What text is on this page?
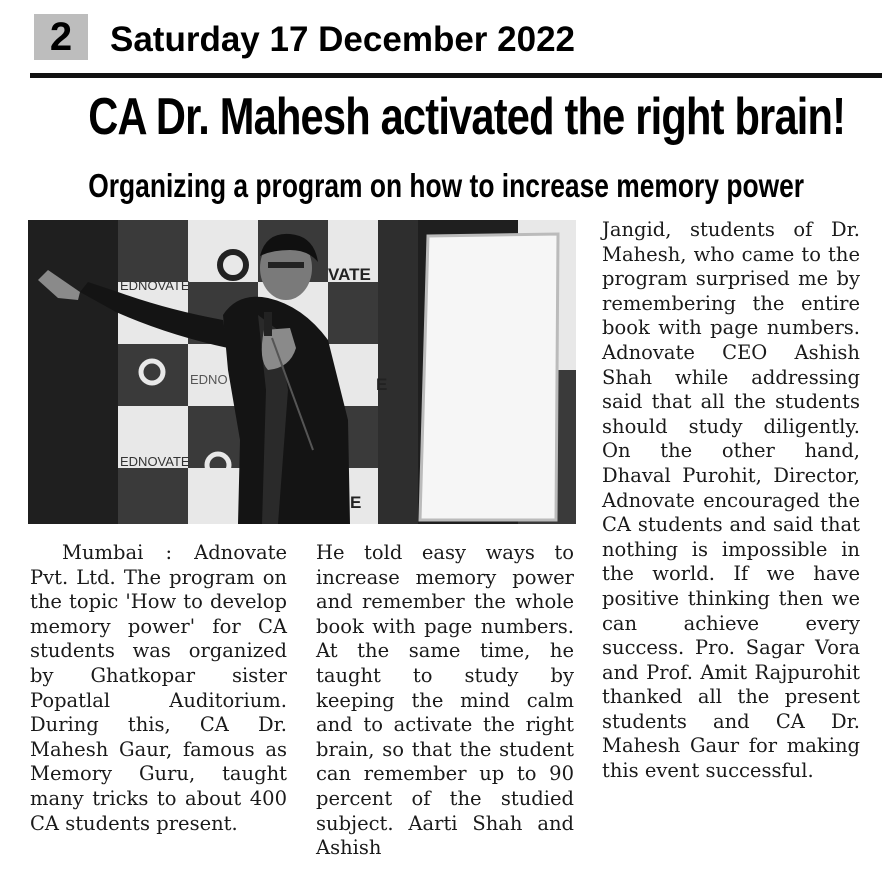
2	Saturday 17 December 2022
CA Dr. Mahesh activated the right brain!
Organizing a program on how to increase memory power
EDNOVATE
EDNOVATE
EDNO
VATE
E
E

Mumbai : Adnovate Pvt. Ltd. The program on the topic 'How to develop memory power' for CA students was organized by Ghatkopar sister Popatlal Auditorium. During this, CA Dr. Mahesh Gaur, famous as Memory Guru, taught many tricks to about 400 CA students present.

He told easy ways to increase memory power and remember the whole book with page numbers. At the same time, he taught to study by keeping the mind calm and to activate the right brain, so that the student can remember up to 90 percent of the studied subject. Aarti Shah and Ashish

Jangid, students of Dr. Mahesh, who came to the program surprised me by remembering the entire book with page numbers. Adnovate CEO Ashish Shah while addressing said that all the students should study diligently. On the other hand, Dhaval Purohit, Director, Adnovate encouraged the CA students and said that nothing is impossible in the world. If we have positive thinking then we can achieve every success. Pro. Sagar Vora and Prof. Amit Rajpurohit thanked all the present students and CA Dr. Mahesh Gaur for making this event successful.
